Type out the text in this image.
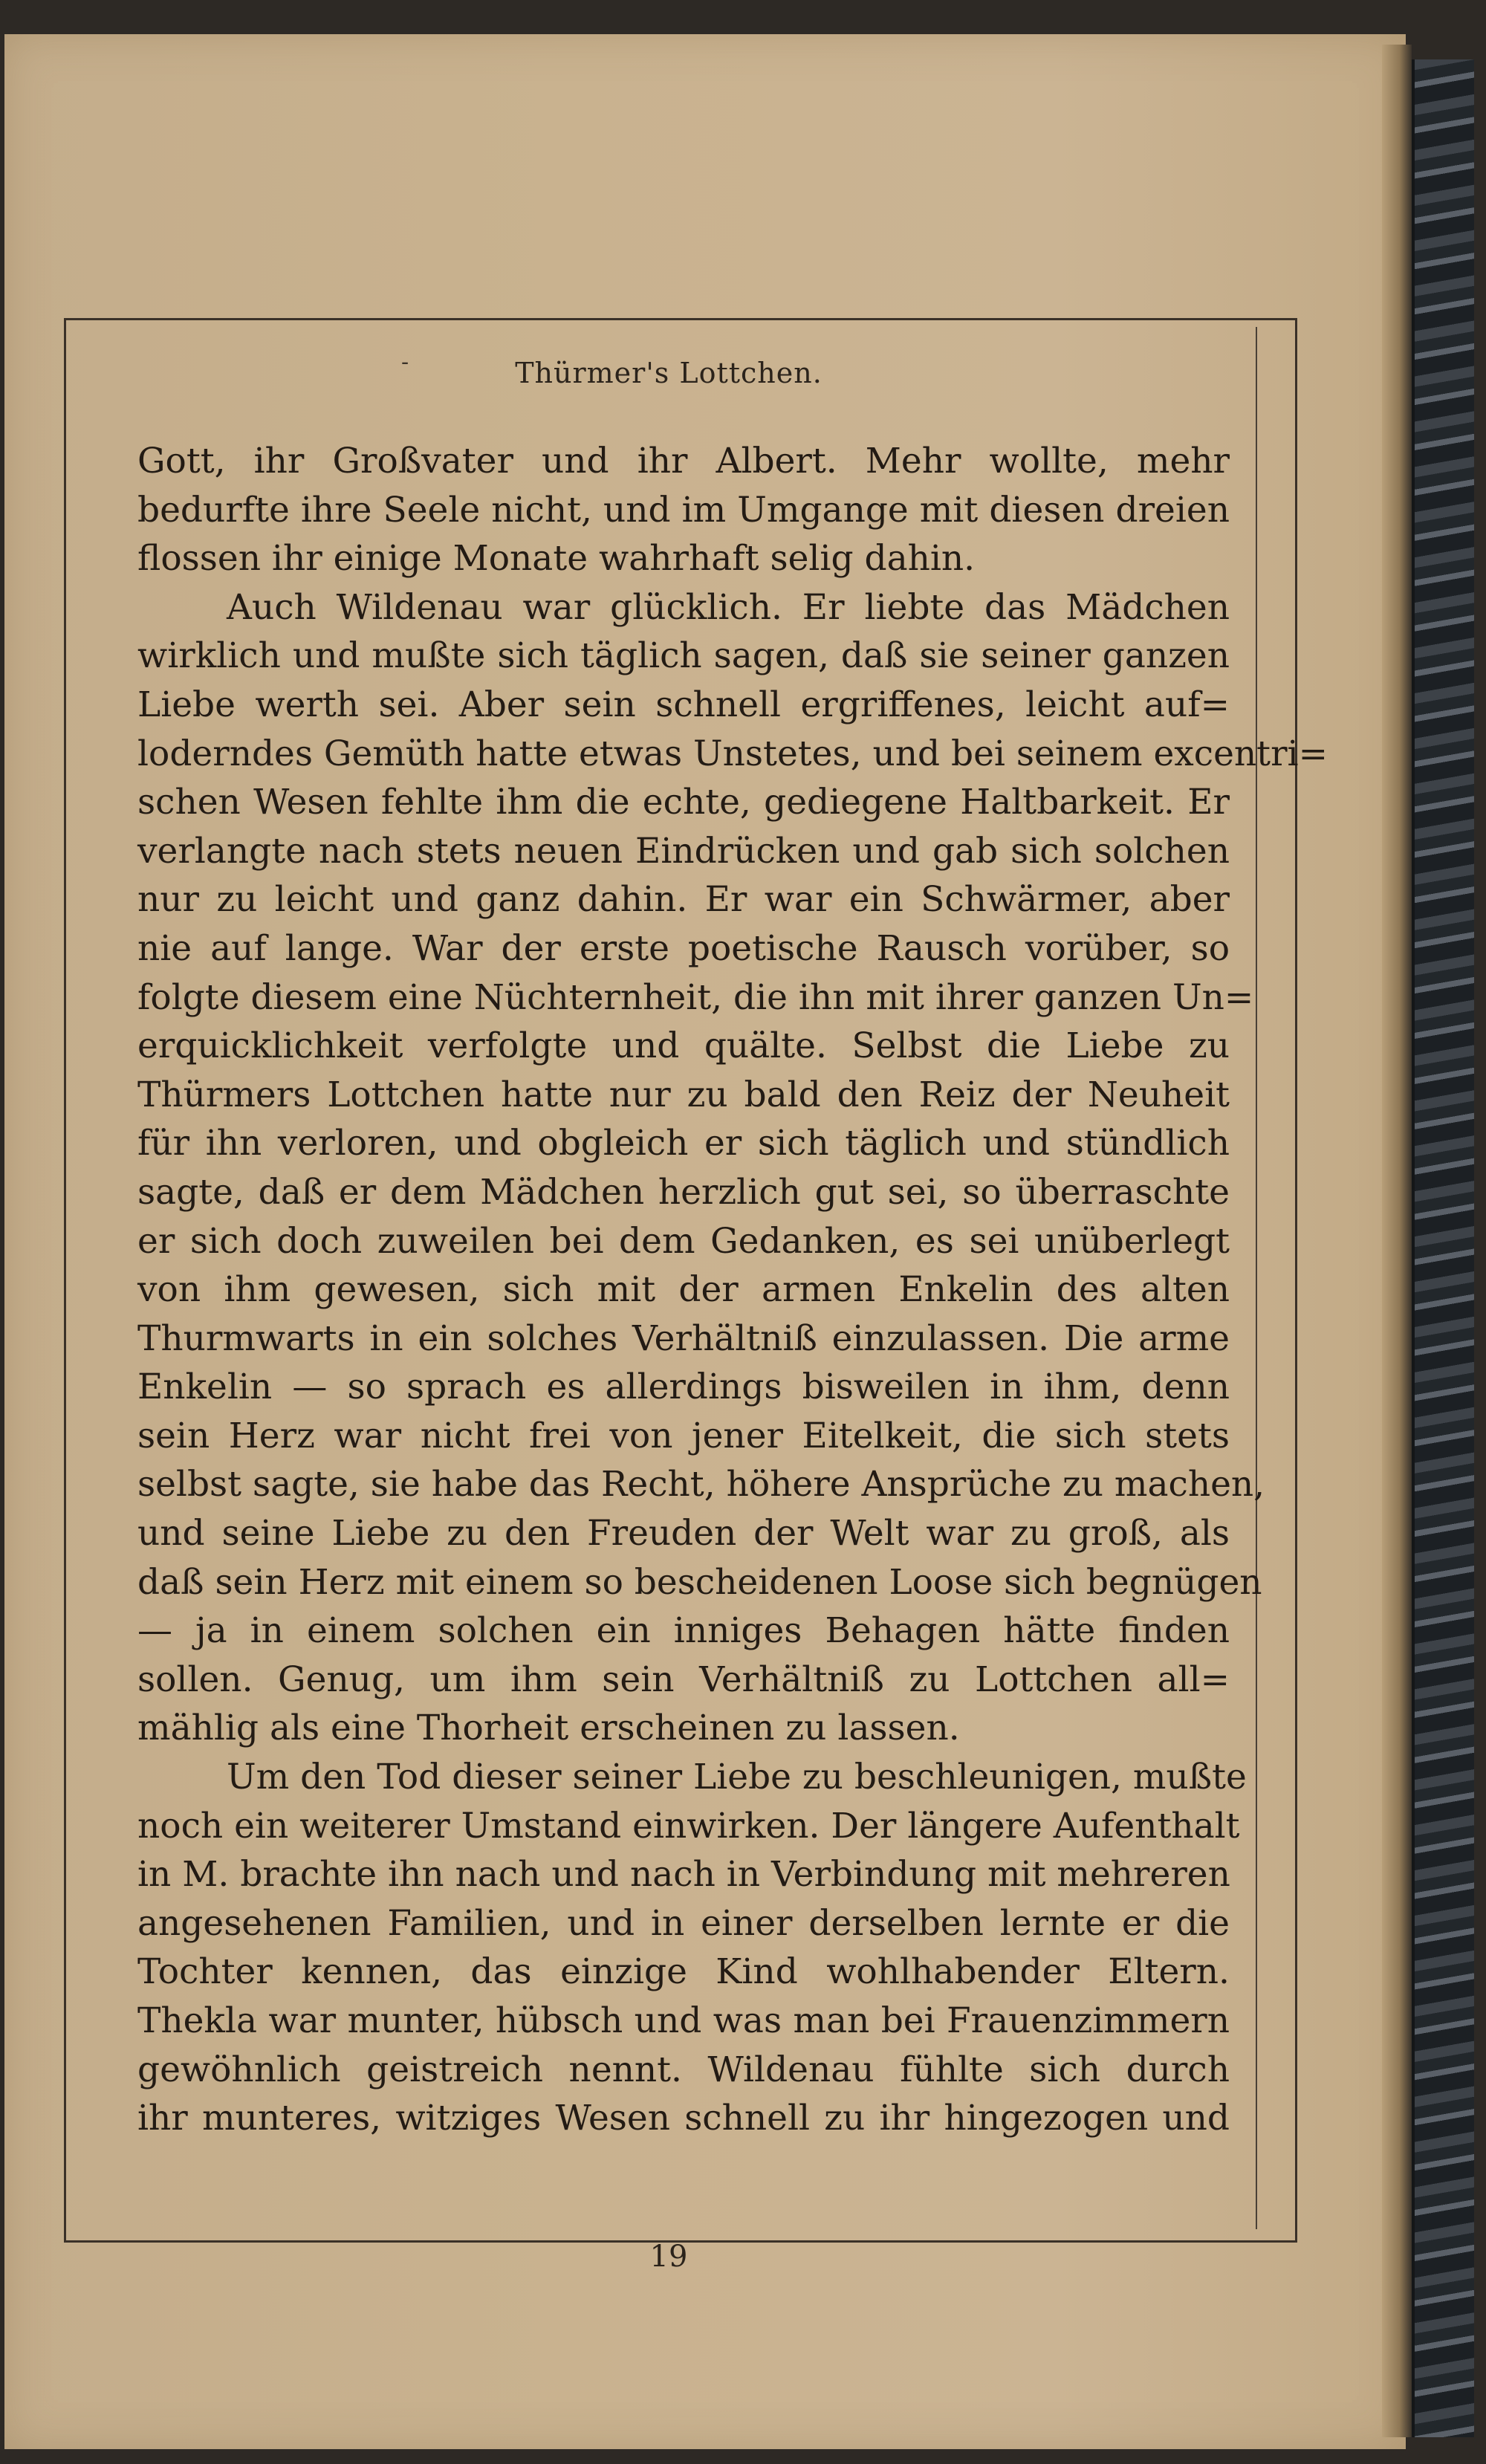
-	Thürmer's Lottchen.
Gott, ihr Großvater und ihr Albert. Mehr wollte, mehr
bedurfte ihre Seele nicht, und im Umgange mit diesen dreien
flossen ihr einige Monate wahrhaft selig dahin.
Auch Wildenau war glücklich. Er liebte das Mädchen
wirklich und mußte sich täglich sagen, daß sie seiner ganzen
Liebe werth sei. Aber sein schnell ergriffenes, leicht auf=
loderndes Gemüth hatte etwas Unstetes, und bei seinem excentri=
schen Wesen fehlte ihm die echte, gediegene Haltbarkeit. Er
verlangte nach stets neuen Eindrücken und gab sich solchen
nur zu leicht und ganz dahin. Er war ein Schwärmer, aber
nie auf lange. War der erste poetische Rausch vorüber, so
folgte diesem eine Nüchternheit, die ihn mit ihrer ganzen Un=
erquicklichkeit verfolgte und quälte. Selbst die Liebe zu
Thürmers Lottchen hatte nur zu bald den Reiz der Neuheit
für ihn verloren, und obgleich er sich täglich und stündlich
sagte, daß er dem Mädchen herzlich gut sei, so überraschte
er sich doch zuweilen bei dem Gedanken, es sei unüberlegt
von ihm gewesen, sich mit der armen Enkelin des alten
Thurmwarts in ein solches Verhältniß einzulassen. Die arme
Enkelin — so sprach es allerdings bisweilen in ihm, denn
sein Herz war nicht frei von jener Eitelkeit, die sich stets
selbst sagte, sie habe das Recht, höhere Ansprüche zu machen,
und seine Liebe zu den Freuden der Welt war zu groß, als
daß sein Herz mit einem so bescheidenen Loose sich begnügen
— ja in einem solchen ein inniges Behagen hätte finden
sollen. Genug, um ihm sein Verhältniß zu Lottchen all=
mählig als eine Thorheit erscheinen zu lassen.
Um den Tod dieser seiner Liebe zu beschleunigen, mußte
noch ein weiterer Umstand einwirken. Der längere Aufenthalt
in M. brachte ihn nach und nach in Verbindung mit mehreren
angesehenen Familien, und in einer derselben lernte er die
Tochter kennen, das einzige Kind wohlhabender Eltern.
Thekla war munter, hübsch und was man bei Frauenzimmern
gewöhnlich geistreich nennt. Wildenau fühlte sich durch
ihr munteres, witziges Wesen schnell zu ihr hingezogen und
19
